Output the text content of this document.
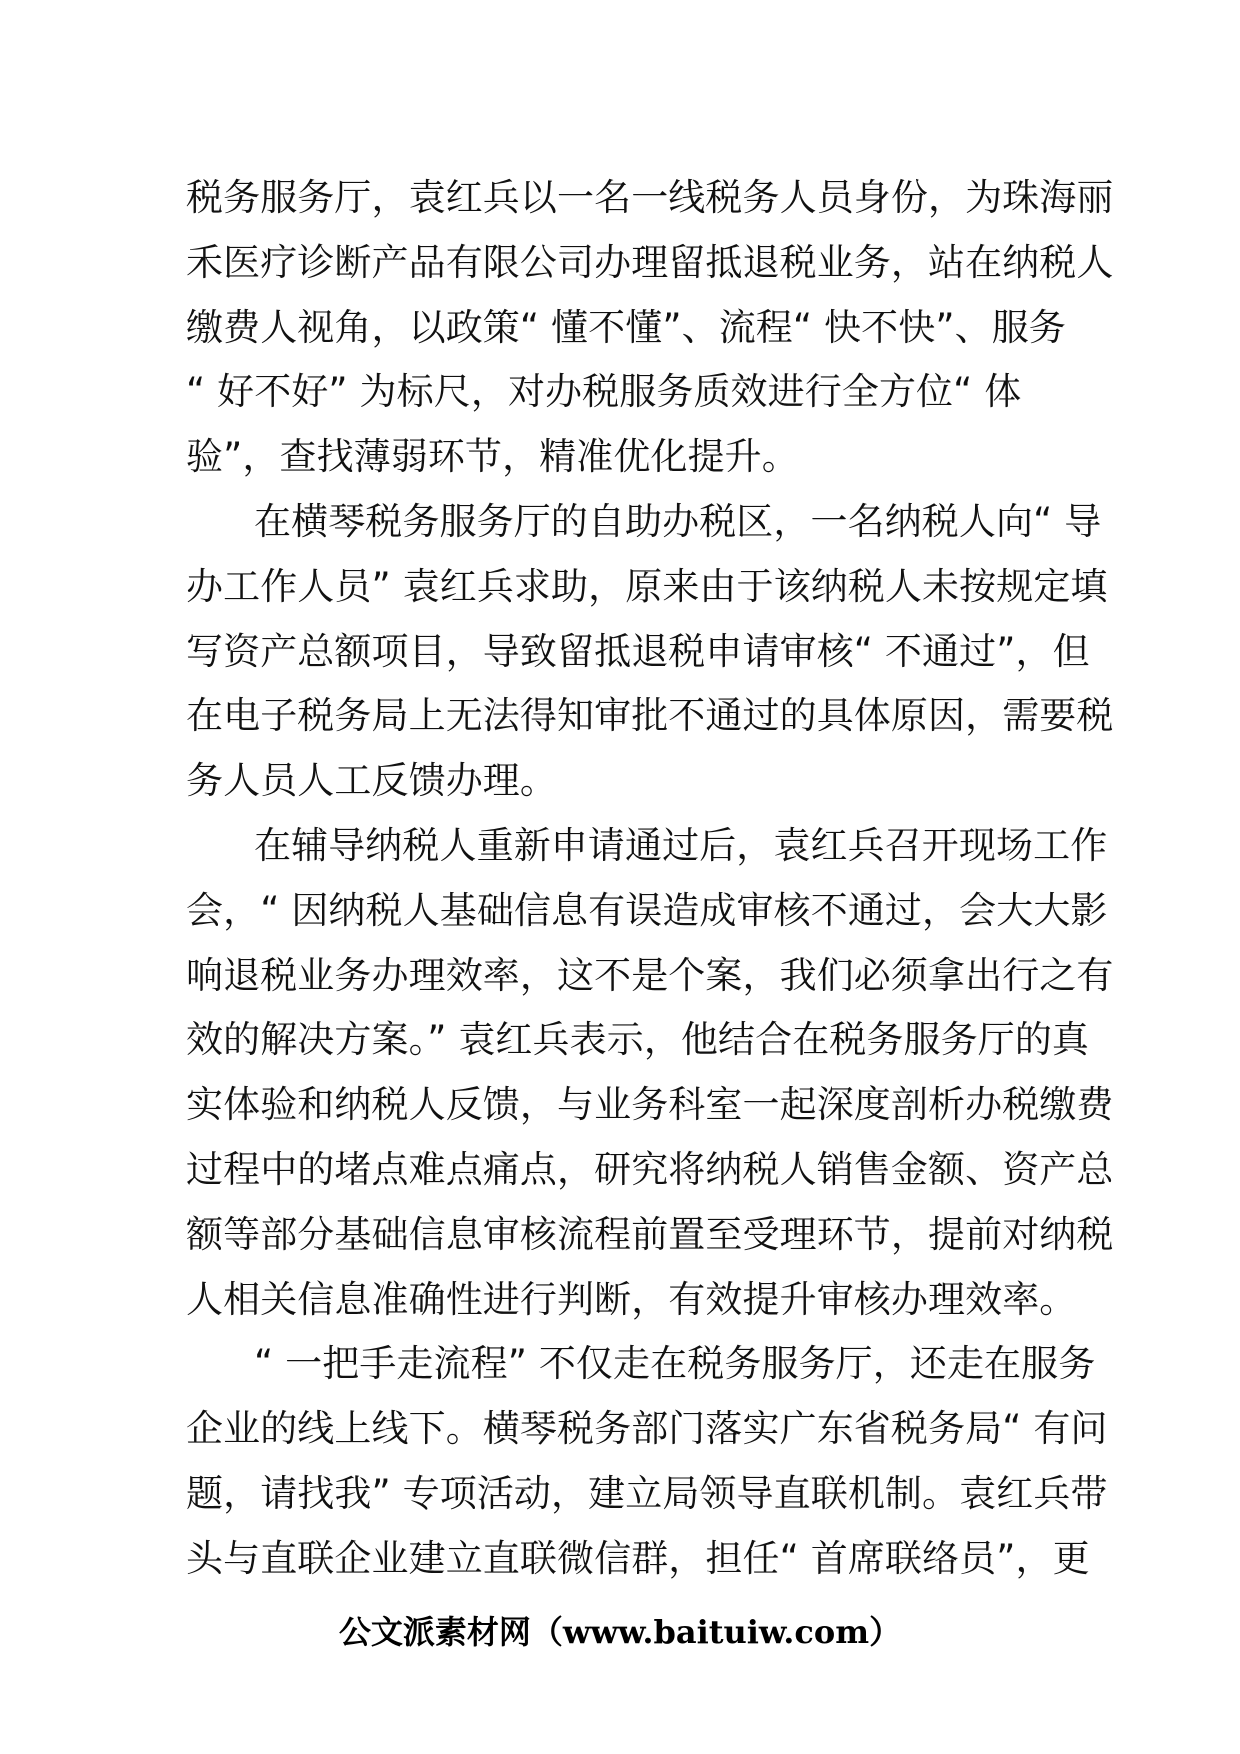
税务服务厅，袁红兵以一名一线税务人员身份，为珠海丽
禾医疗诊断产品有限公司办理留抵退税业务，站在纳税人
缴费人视角，以政策“ 懂不懂”、流程“ 快不快”、服务
“ 好不好” 为标尺，对办税服务质效进行全方位“ 体
验”，查找薄弱环节，精准优化提升。
在横琴税务服务厅的自助办税区，一名纳税人向“ 导
办工作人员” 袁红兵求助，原来由于该纳税人未按规定填
写资产总额项目，导致留抵退税申请审核“ 不通过”，但
在电子税务局上无法得知审批不通过的具体原因，需要税
务人员人工反馈办理。
在辅导纳税人重新申请通过后，袁红兵召开现场工作
会，“ 因纳税人基础信息有误造成审核不通过，会大大影
响退税业务办理效率，这不是个案，我们必须拿出行之有
效的解决方案。” 袁红兵表示，他结合在税务服务厅的真
实体验和纳税人反馈，与业务科室一起深度剖析办税缴费
过程中的堵点难点痛点，研究将纳税人销售金额、资产总
额等部分基础信息审核流程前置至受理环节，提前对纳税
人相关信息准确性进行判断，有效提升审核办理效率。
“ 一把手走流程” 不仅走在税务服务厅，还走在服务
企业的线上线下。横琴税务部门落实广东省税务局“ 有问
题，请找我” 专项活动，建立局领导直联机制。袁红兵带
头与直联企业建立直联微信群，担任“ 首席联络员”，更
公文派素材网（www.baituiw.com）
